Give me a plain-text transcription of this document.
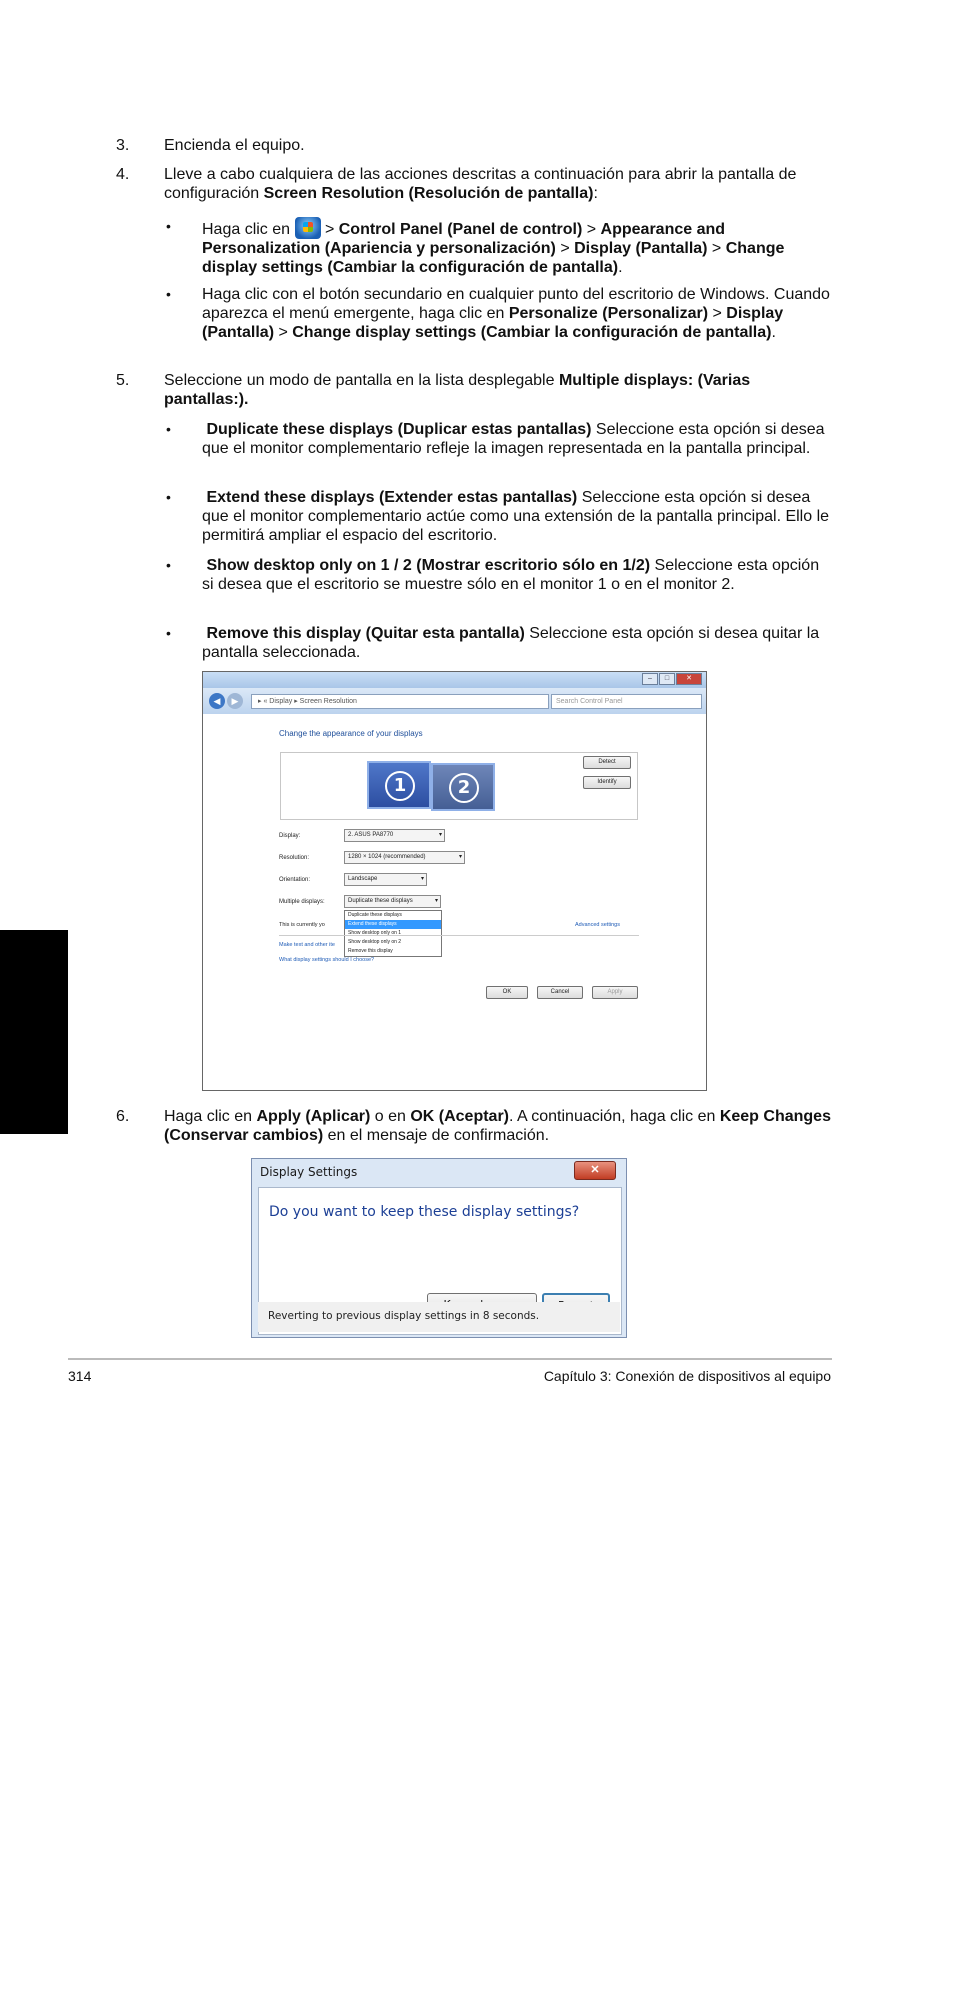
Español
3. Encienda el equipo.
4. Lleve a cabo cualquiera de las acciones descritas a continuación para abrir la pantalla de configuración Screen Resolution (Resolución de pantalla):
• Haga clic en
> Control Panel (Panel de control) > Appearance and Personalization (Apariencia y personalización) > Display (Pantalla) > Change display settings (Cambiar la configuración de pantalla).
• Haga clic con el botón secundario en cualquier punto del escritorio de Windows. Cuando aparezca el menú emergente, haga clic en Personalize (Personalizar) > Display (Pantalla) > Change display settings (Cambiar la configuración de pantalla).
5. Seleccione un modo de pantalla en la lista desplegable Multiple displays: (Varias pantallas:).
• Duplicate these displays (Duplicar estas pantallas) Seleccione esta opción si desea que el monitor complementario refleje la imagen representada en la pantalla principal.
• Extend these displays (Extender estas pantallas) Seleccione esta opción si desea que el monitor complementario actúe como una extensión de la pantalla principal. Ello le permitirá ampliar el espacio del escritorio.
• Show desktop only on 1 / 2 (Mostrar escritorio sólo en 1/2) Seleccione esta opción si desea que el escritorio se muestre sólo en el monitor 1 o en el monitor 2.
• Remove this display (Quitar esta pantalla) Seleccione esta opción si desea quitar la pantalla seleccionada.
–	□	✕
◀	▶	▸ « Display ▸ Screen Resolution	Search Control Panel
Change the appearance of your displays
1	2
Detect
Identify
Display:	2. ASUS PA8770 ▾
Resolution:	1280 × 1024 (recommended) ▾
Orientation:	Landscape ▾
Multiple displays:	Duplicate these displays ▾
Duplicate these displays
Extend these displays
Show desktop only on 1
Show desktop only on 2
Remove this display
This is currently yo	Advanced settings
Make text and other ite
What display settings should I choose?
OK	Cancel	Apply
6. Haga clic en Apply (Aplicar) o en OK (Aceptar). A continuación, haga clic en Keep Changes (Conservar cambios) en el mensaje de confirmación.
Display Settings	✕
Do you want to keep these display settings?
Reverting to previous display settings in 8 seconds.
314	Capítulo 3: Conexión de dispositivos al equipo
